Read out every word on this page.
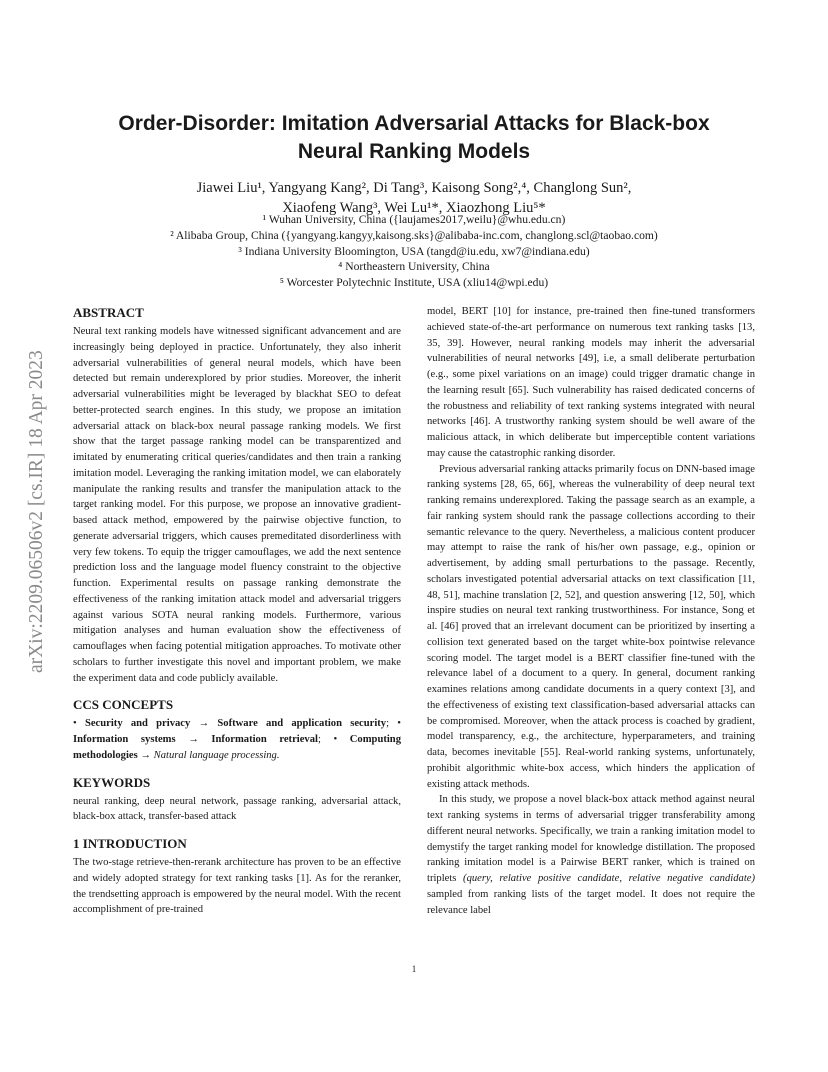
Order-Disorder: Imitation Adversarial Attacks for Black-box
Neural Ranking Models
Jiawei Liu¹, Yangyang Kang², Di Tang³, Kaisong Song²,⁴, Changlong Sun²,
Xiaofeng Wang³, Wei Lu¹*, Xiaozhong Liu⁵*
¹ Wuhan University, China ({laujames2017,weilu}@whu.edu.cn)
² Alibaba Group, China ({yangyang.kangyy,kaisong.sks}@alibaba-inc.com, changlong.scl@taobao.com)
³ Indiana University Bloomington, USA (tangd@iu.edu, xw7@indiana.edu)
⁴ Northeastern University, China
⁵ Worcester Polytechnic Institute, USA (xliu14@wpi.edu)
arXiv:2209.06506v2 [cs.IR] 18 Apr 2023
ABSTRACT

Neural text ranking models have witnessed significant advancement and are increasingly being deployed in practice. Unfortunately, they also inherit adversarial vulnerabilities of general neural models, which have been detected but remain underexplored by prior studies. Moreover, the inherit adversarial vulnerabilities might be leveraged by blackhat SEO to defeat better-protected search engines. In this study, we propose an imitation adversarial attack on black-box neural passage ranking models. We first show that the target passage ranking model can be transparentized and imitated by enumerating critical queries/candidates and then train a ranking imitation model. Leveraging the ranking imitation model, we can elaborately manipulate the ranking results and transfer the manipulation attack to the target ranking model. For this purpose, we propose an innovative gradient-based attack method, empowered by the pairwise objective function, to generate adversarial triggers, which causes premeditated disorderliness with very few tokens. To equip the trigger camouflages, we add the next sentence prediction loss and the language model fluency constraint to the objective function. Experimental results on passage ranking demonstrate the effectiveness of the ranking imitation attack model and adversarial triggers against various SOTA neural ranking models. Furthermore, various mitigation analyses and human evaluation show the effectiveness of camouflages when facing potential mitigation approaches. To motivate other scholars to further investigate this novel and important problem, we make the experiment data and code publicly available.

CCS CONCEPTS

• Security and privacy → Software and application security; • Information systems → Information retrieval; • Computing methodologies → Natural language processing.

KEYWORDS

neural ranking, deep neural network, passage ranking, adversarial attack, black-box attack, transfer-based attack

1 INTRODUCTION

The two-stage retrieve-then-rerank architecture has proven to be an effective and widely adopted strategy for text ranking tasks [1]. As for the reranker, the trendsetting approach is empowered by the neural model. With the recent accomplishment of pre-trained

model, BERT [10] for instance, pre-trained then fine-tuned transformers achieved state-of-the-art performance on numerous text ranking tasks [13, 35, 39]. However, neural ranking models may inherit the adversarial vulnerabilities of neural networks [49], i.e, a small deliberate perturbation (e.g., some pixel variations on an image) could trigger dramatic change in the learning result [65]. Such vulnerability has raised dedicated concerns of the robustness and reliability of text ranking systems integrated with neural networks [46]. A trustworthy ranking system should be well aware of the malicious attack, in which deliberate but imperceptible content variations may cause the catastrophic ranking disorder.

Previous adversarial ranking attacks primarily focus on DNN-based image ranking systems [28, 65, 66], whereas the vulnerability of deep neural text ranking remains underexplored. Taking the passage search as an example, a fair ranking system should rank the passage collections according to their semantic relevance to the query. Nevertheless, a malicious content producer may attempt to raise the rank of his/her own passage, e.g., opinion or advertisement, by adding small perturbations to the passage. Recently, scholars investigated potential adversarial attacks on text classification [11, 48, 51], machine translation [2, 52], and question answering [12, 50], which inspire studies on neural text ranking trustworthiness. For instance, Song et al. [46] proved that an irrelevant document can be prioritized by inserting a collision text generated based on the target white-box pointwise relevance scoring model. The target model is a BERT classifier fine-tuned with the relevance label of a document to a query. In general, document ranking examines relations among candidate documents in a query context [3], and the effectiveness of existing text classification-based adversarial attacks can be compromised. Moreover, when the attack process is coached by gradient, model transparency, e.g., the architecture, hyperparameters, and training data, becomes inevitable [55]. Real-world ranking systems, unfortunately, prohibit algorithmic white-box access, which hinders the application of existing attack methods.

In this study, we propose a novel black-box attack method against neural text ranking systems in terms of adversarial trigger transferability among different neural networks. Specifically, we train a ranking imitation model to demystify the target ranking model for knowledge distillation. The proposed ranking imitation model is a Pairwise BERT ranker, which is trained on triplets (query, relative positive candidate, relative negative candidate) sampled from ranking lists of the target model. It does not require the relevance label

1
